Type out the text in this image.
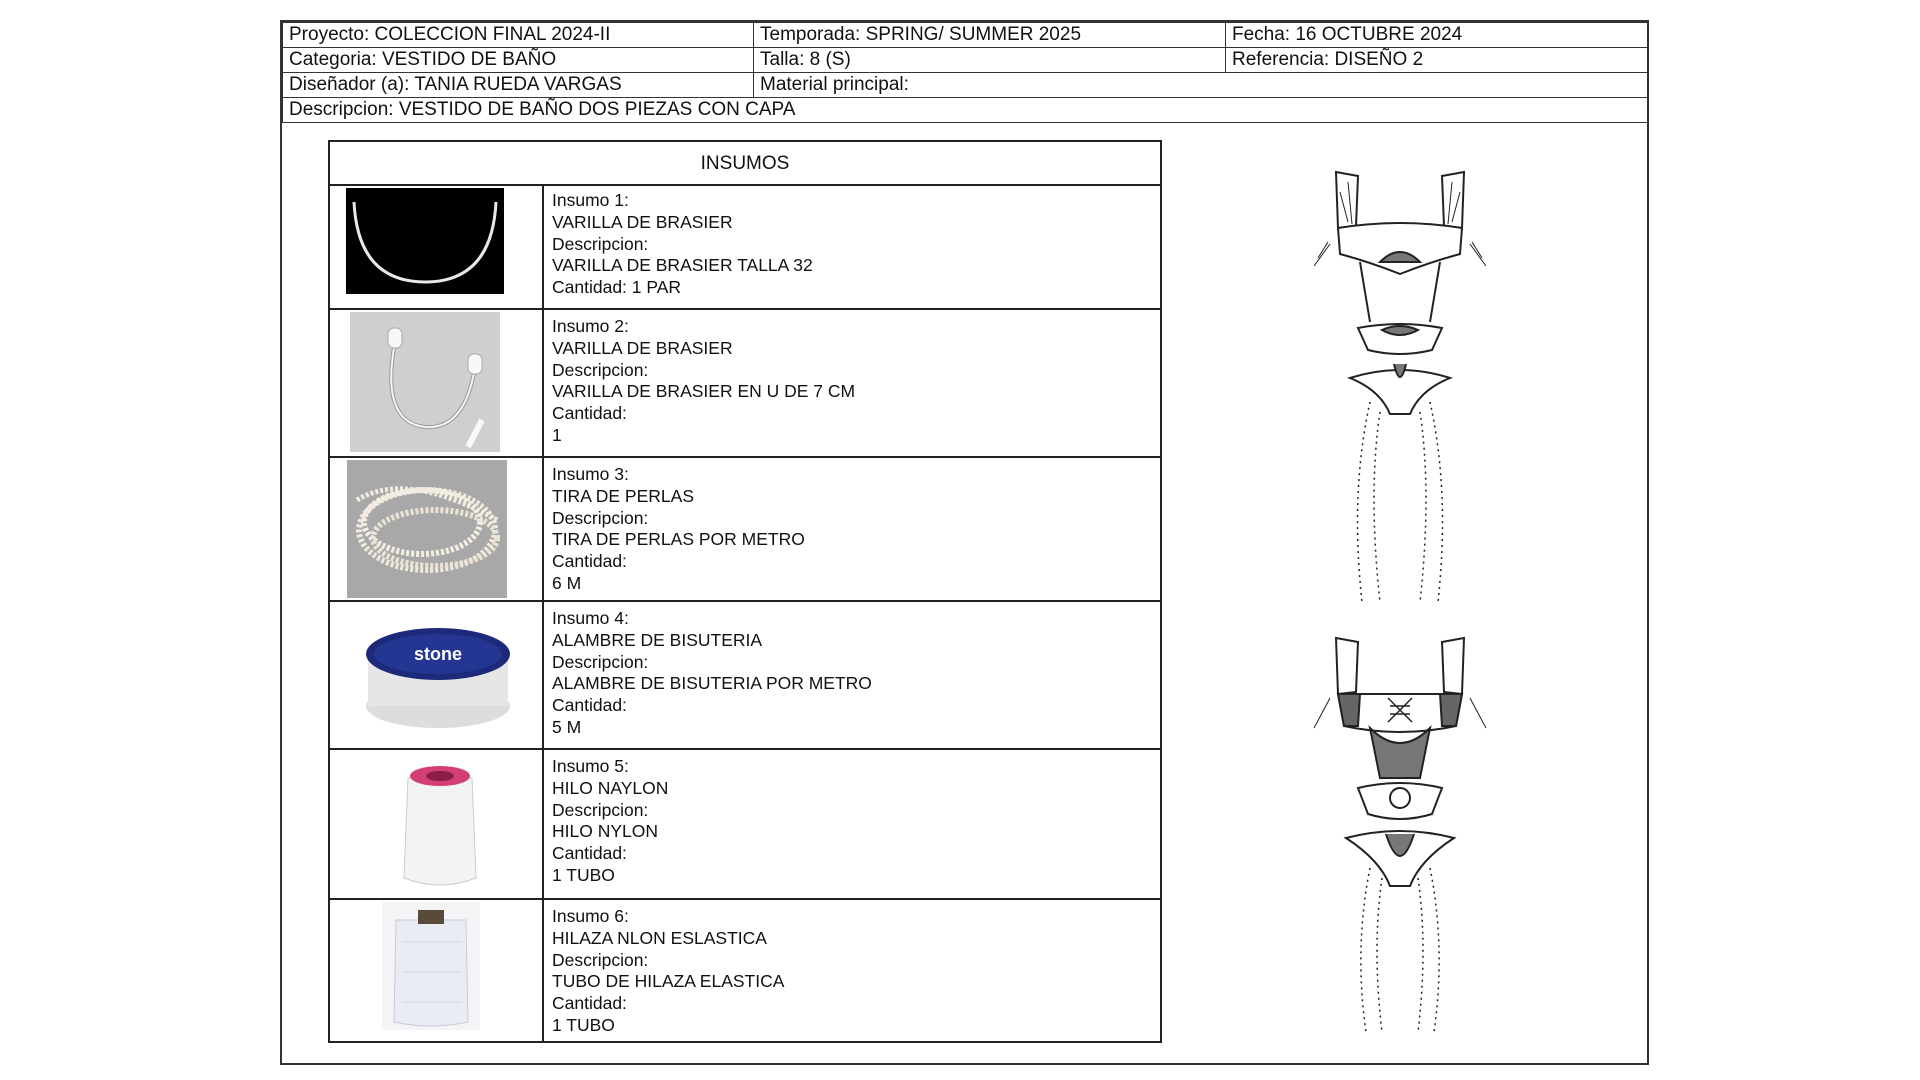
Proyecto: COLECCION FINAL 2024-II	Temporada: SPRING/ SUMMER 2025	Fecha: 16 OCTUBRE 2024
Categoria: VESTIDO DE BAÑO	Talla: 8 (S)	Referencia: DISEÑO 2
Diseñador (a): TANIA RUEDA VARGAS	Material principal:	
Descripcion: VESTIDO DE BAÑO DOS PIEZAS CON CAPA		
INSUMOS
Insumo 1:
VARILLA DE BRASIER
Descripcion:
VARILLA DE BRASIER TALLA 32
Cantidad: 1 PAR
Insumo 2:
VARILLA DE BRASIER
Descripcion:
VARILLA DE BRASIER EN U DE 7 CM
Cantidad:
1
Insumo 3:
TIRA DE PERLAS
Descripcion:
TIRA DE PERLAS POR METRO
Cantidad:
6 M
stone
Insumo 4:
ALAMBRE DE BISUTERIA
Descripcion:
ALAMBRE DE BISUTERIA POR METRO
Cantidad:
5 M
Insumo 5:
HILO NAYLON
Descripcion:
HILO NYLON
Cantidad:
1 TUBO
Insumo 6:
HILAZA NLON ESLASTICA
Descripcion:
TUBO DE HILAZA ELASTICA
Cantidad:
1 TUBO
